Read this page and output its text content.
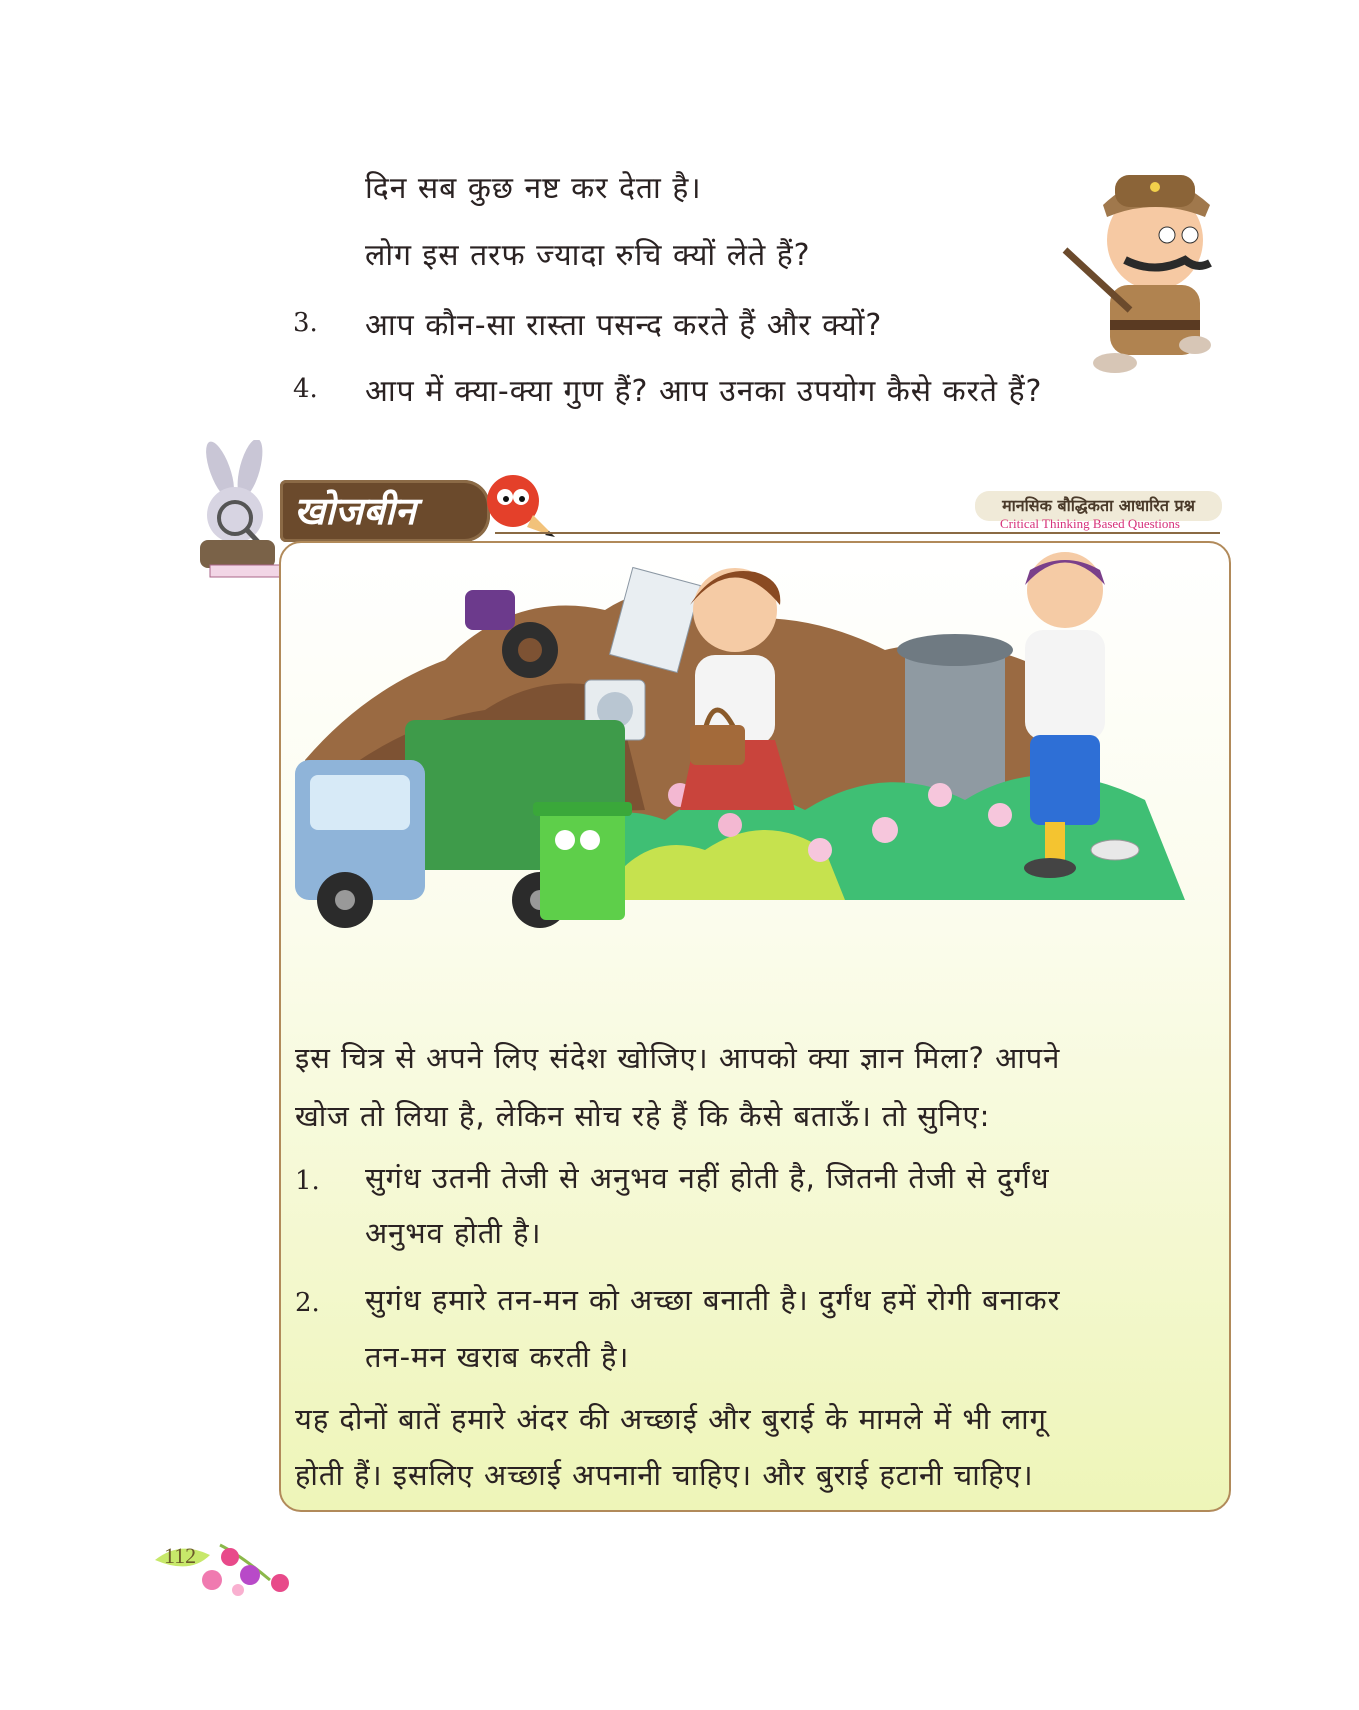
दिन सब कुछ नष्ट कर देता है।
लोग इस तरफ ज्यादा रुचि क्यों लेते हैं?
3. आप कौन-सा रास्ता पसन्द करते हैं और क्यों?
4. आप में क्या-क्या गुण हैं? आप उनका उपयोग कैसे करते हैं?
खोजबीन	मानसिक बौद्धिकता आधारित प्रश्न
Critical Thinking Based Questions
इस चित्र से अपने लिए संदेश खोजिए। आपको क्या ज्ञान मिला? आपने
खोज तो लिया है, लेकिन सोच रहे हैं कि कैसे बताऊँ। तो सुनिए:
1. सुगंध उतनी तेजी से अनुभव नहीं होती है, जितनी तेजी से दुर्गंध
अनुभव होती है।
2. सुगंध हमारे तन-मन को अच्छा बनाती है। दुर्गंध हमें रोगी बनाकर
तन-मन खराब करती है।
यह दोनों बातें हमारे अंदर की अच्छाई और बुराई के मामले में भी लागू
होती हैं। इसलिए अच्छाई अपनानी चाहिए। और बुराई हटानी चाहिए।
112
